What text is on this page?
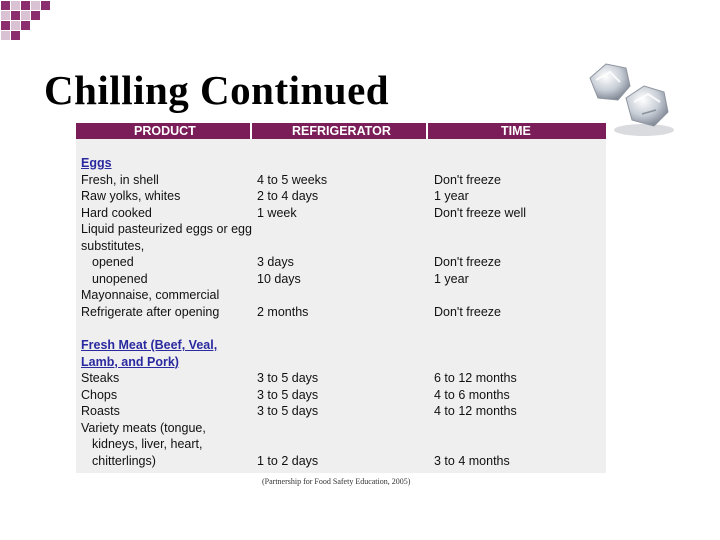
Chilling Continued
PRODUCT	REFRIGERATOR	TIME
Eggs
Fresh, in shell	4 to 5 weeks	Don't freeze
Raw yolks, whites	2 to 4 days	1 year
Hard cooked	1 week	Don't freeze well
Liquid pasteurized eggs or egg
substitutes,
opened	3 days	Don't freeze
unopened	10 days	1 year
Mayonnaise, commercial
Refrigerate after opening	2 months	Don't freeze
Fresh Meat (Beef, Veal,
Lamb, and Pork)
Steaks	3 to 5 days	6 to 12 months
Chops	3 to 5 days	4 to 6 months
Roasts	3 to 5 days	4 to 12 months
Variety meats (tongue,
kidneys, liver, heart,
chitterlings)	1 to 2 days	3 to 4 months
(Partnership for Food Safety Education, 2005)
